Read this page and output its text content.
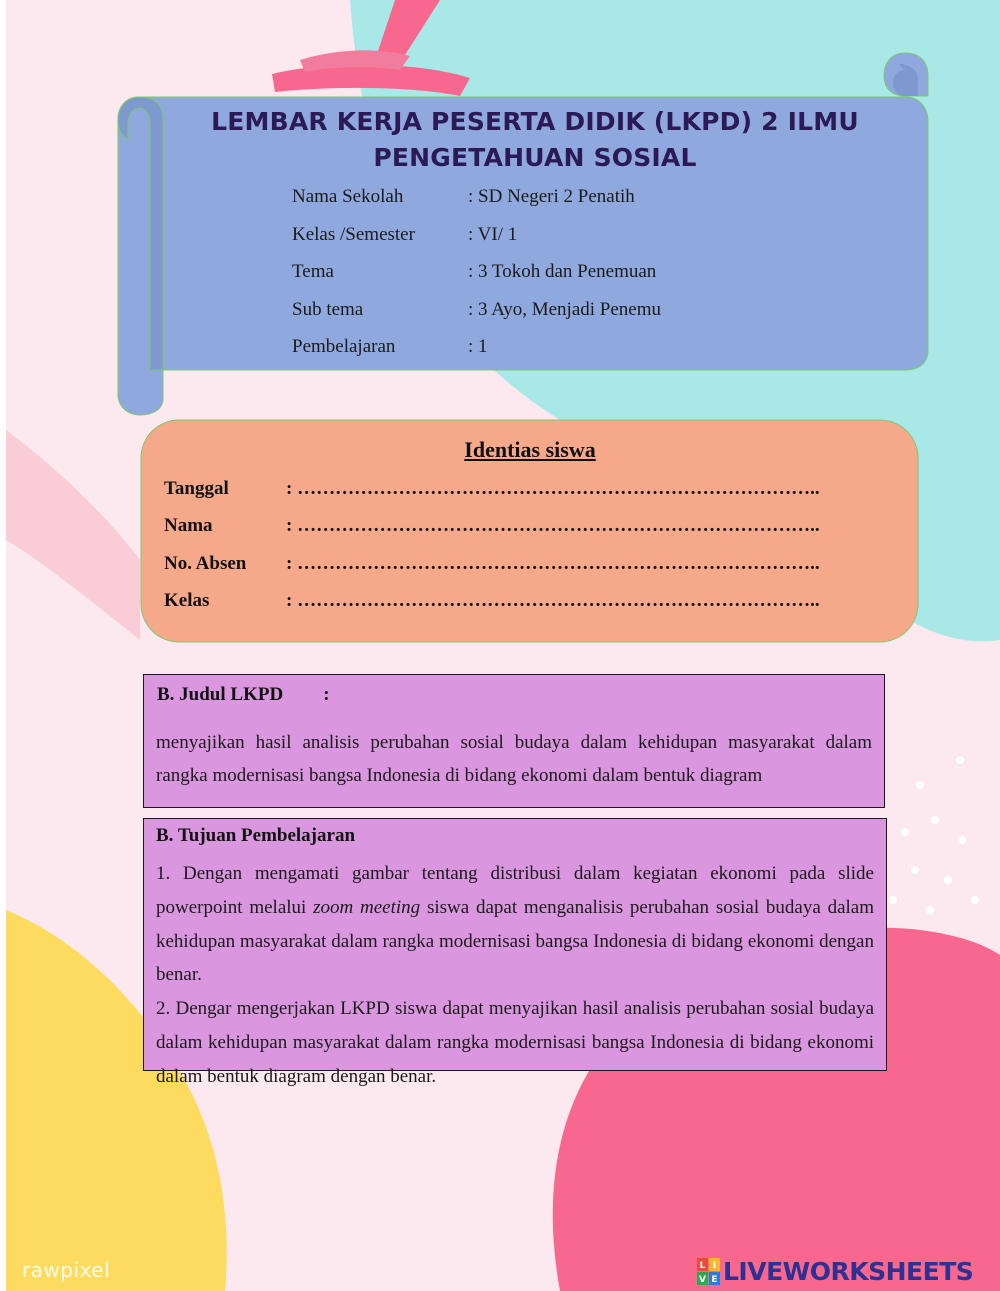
LEMBAR KERJA PESERTA DIDIK (LKPD) 2 ILMU PENGETAHUAN SOSIAL
Nama Sekolah	: SD Negeri 2 Penatih
Kelas /Semester	: VI/ 1
Tema	: 3 Tokoh dan Penemuan
Sub tema	: 3 Ayo, Menjadi Penemu
Pembelajaran	: 1
Identias siswa
Tanggal	: ………………………………………………………………………..
Nama	: ………………………………………………………………………..
No. Absen : ………………………………………………………………………..
Kelas	: ………………………………………………………………………..
B. Judul LKPD :
menyajikan hasil analisis perubahan sosial budaya dalam kehidupan masyarakat dalam rangka modernisasi bangsa Indonesia di bidang ekonomi dalam bentuk diagram
B. Tujuan Pembelajaran

1. Dengan mengamati gambar tentang distribusi dalam kegiatan ekonomi pada slide powerpoint melalui zoom meeting siswa dapat menganalisis perubahan sosial budaya dalam kehidupan masyarakat dalam rangka modernisasi bangsa Indonesia di bidang ekonomi dengan benar.

2. Dengar mengerjakan LKPD siswa dapat menyajikan hasil analisis perubahan sosial budaya dalam kehidupan masyarakat dalam rangka modernisasi bangsa Indonesia di bidang ekonomi dalam bentuk diagram dengan benar.

rawpixel	L I
V E LIVEWORKSHEETS
